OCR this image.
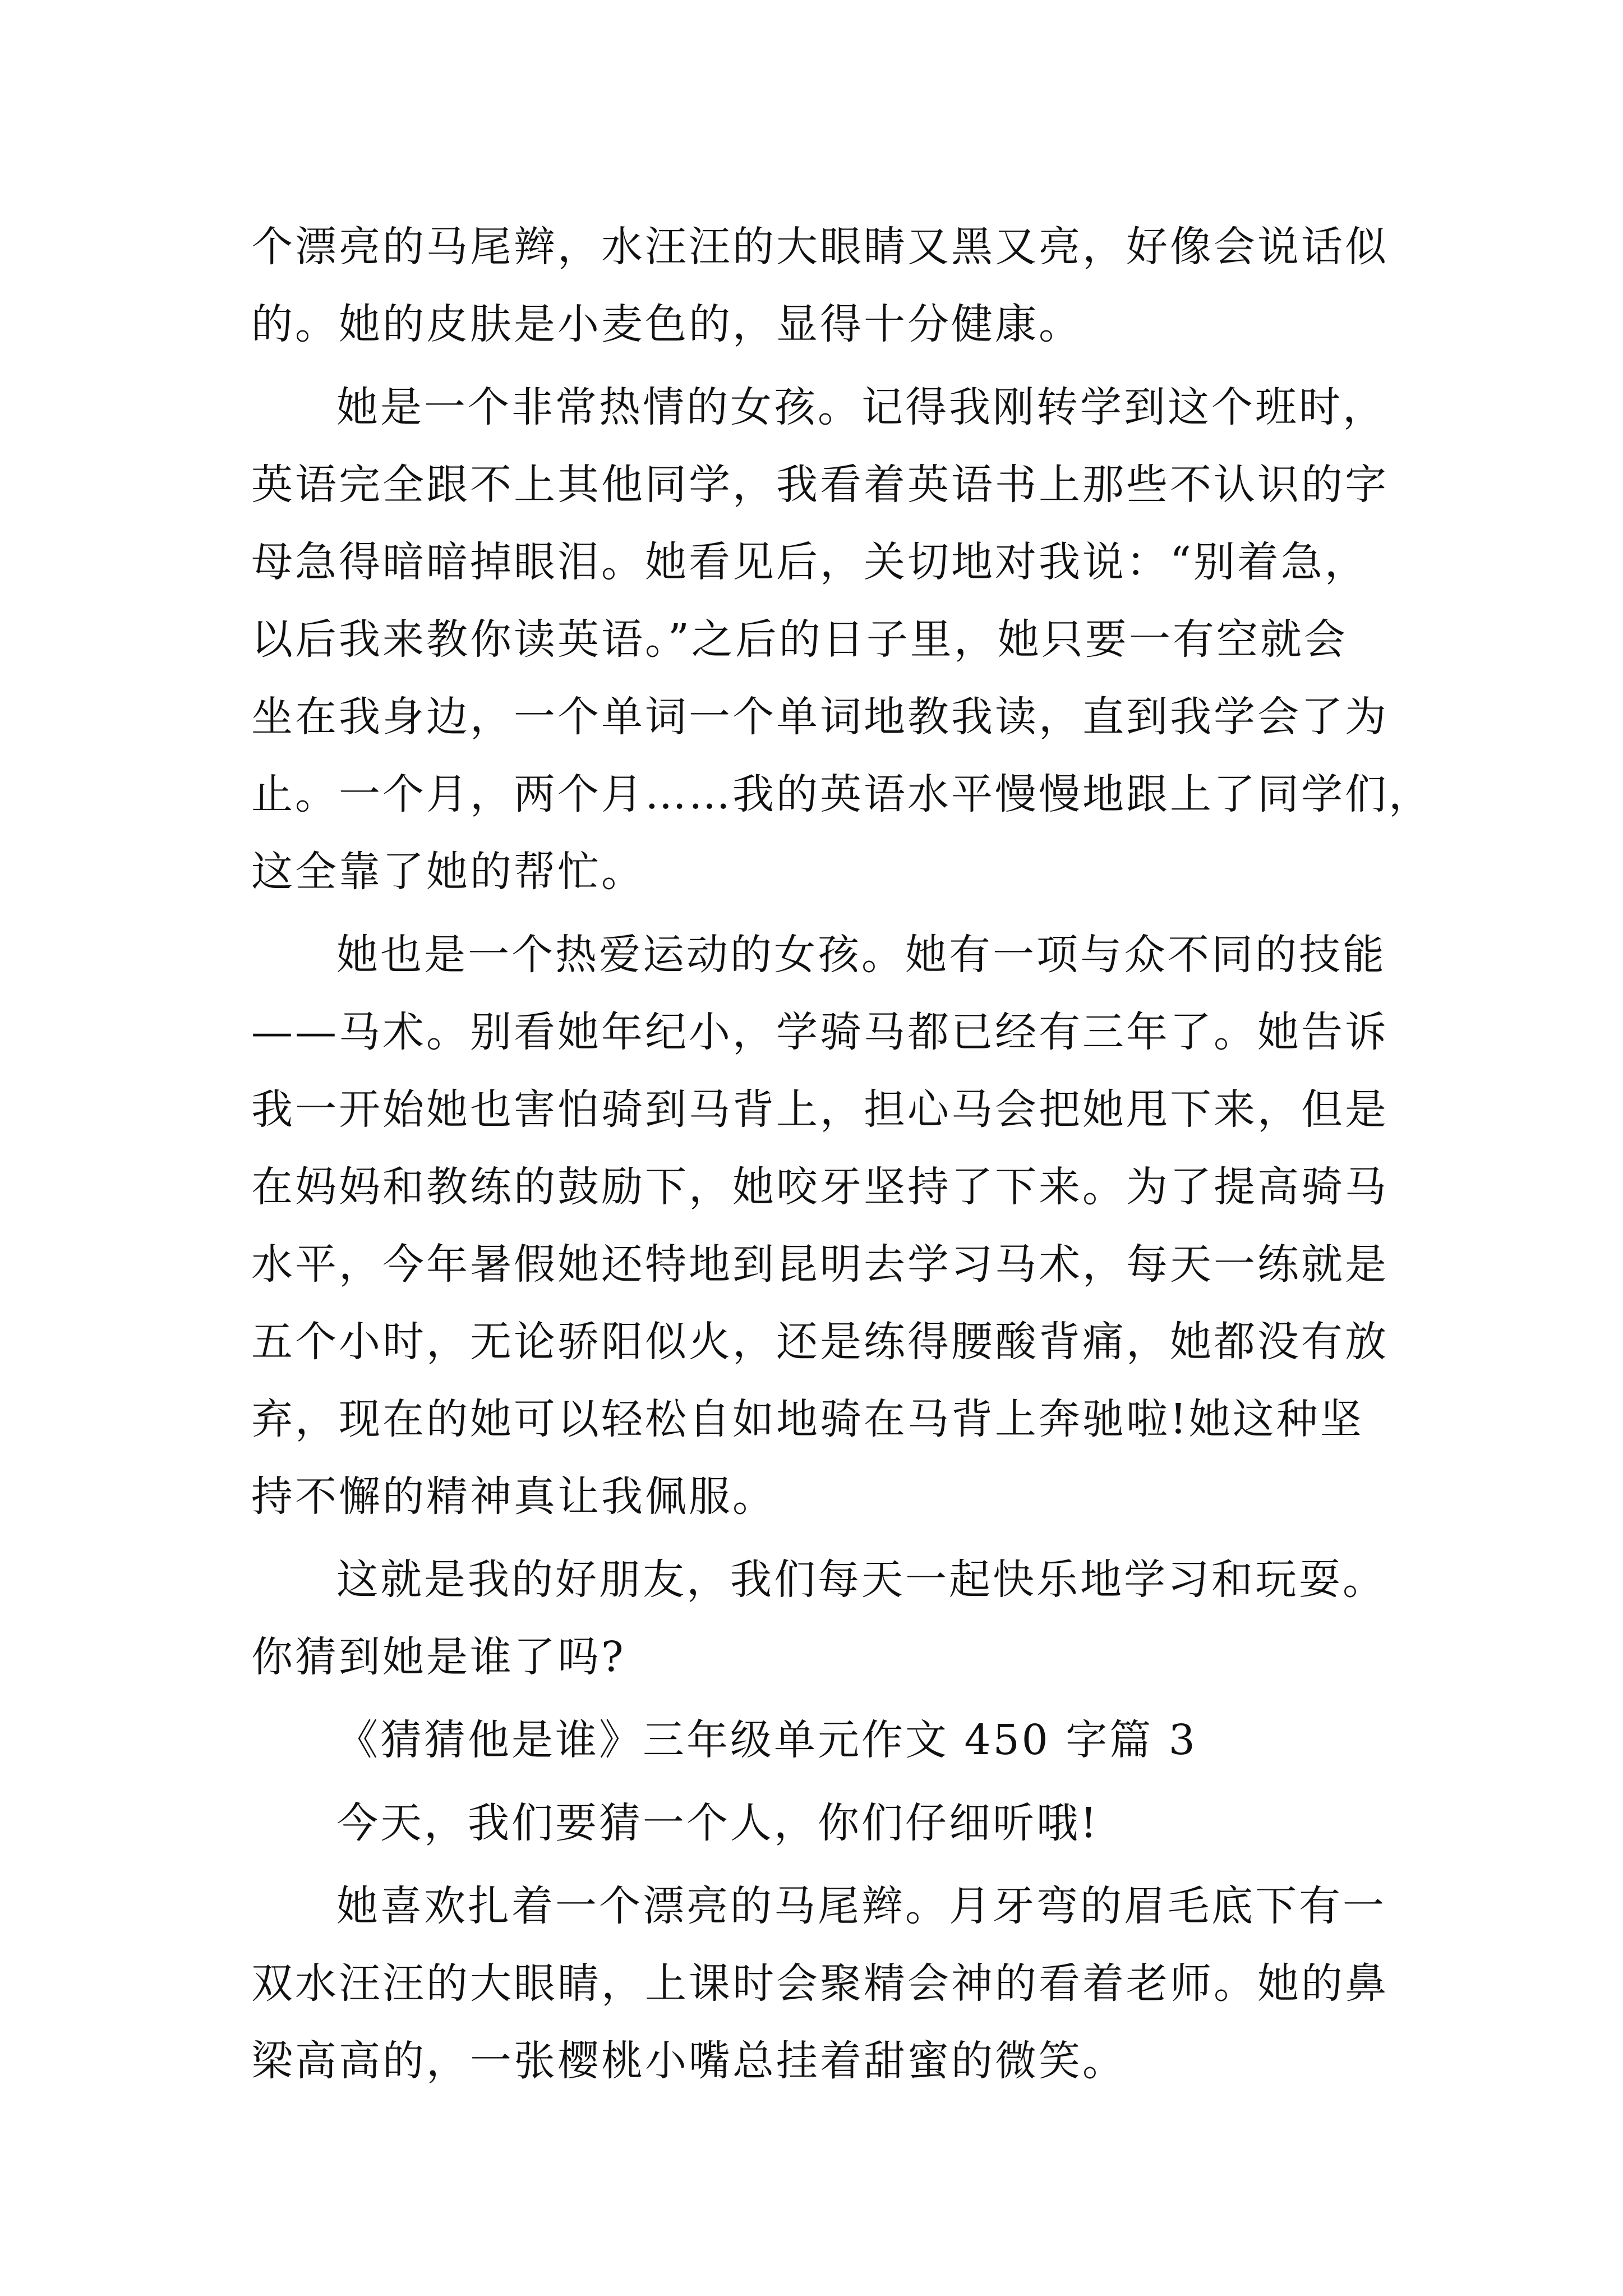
个漂亮的马尾辫，水汪汪的大眼睛又黑又亮，好像会说话似
的。她的皮肤是小麦色的，显得十分健康。
她是一个非常热情的女孩。记得我刚转学到这个班时，
英语完全跟不上其他同学，我看着英语书上那些不认识的字
母急得暗暗掉眼泪。她看见后，关切地对我说：“别着急，
以后我来教你读英语。”之后的日子里，她只要一有空就会
坐在我身边，一个单词一个单词地教我读，直到我学会了为
止。一个月，两个月……我的英语水平慢慢地跟上了同学们，
这全靠了她的帮忙。
她也是一个热爱运动的女孩。她有一项与众不同的技能
——马术。别看她年纪小，学骑马都已经有三年了。她告诉
我一开始她也害怕骑到马背上，担心马会把她甩下来，但是
在妈妈和教练的鼓励下，她咬牙坚持了下来。为了提高骑马
水平，今年暑假她还特地到昆明去学习马术，每天一练就是
五个小时，无论骄阳似火，还是练得腰酸背痛，她都没有放
弃，现在的她可以轻松自如地骑在马背上奔驰啦!她这种坚
持不懈的精神真让我佩服。
这就是我的好朋友，我们每天一起快乐地学习和玩耍。
你猜到她是谁了吗?
《猜猜他是谁》三年级单元作文 450 字篇 3
今天，我们要猜一个人，你们仔细听哦!
她喜欢扎着一个漂亮的马尾辫。月牙弯的眉毛底下有一
双水汪汪的大眼睛，上课时会聚精会神的看着老师。她的鼻
梁高高的，一张樱桃小嘴总挂着甜蜜的微笑。
